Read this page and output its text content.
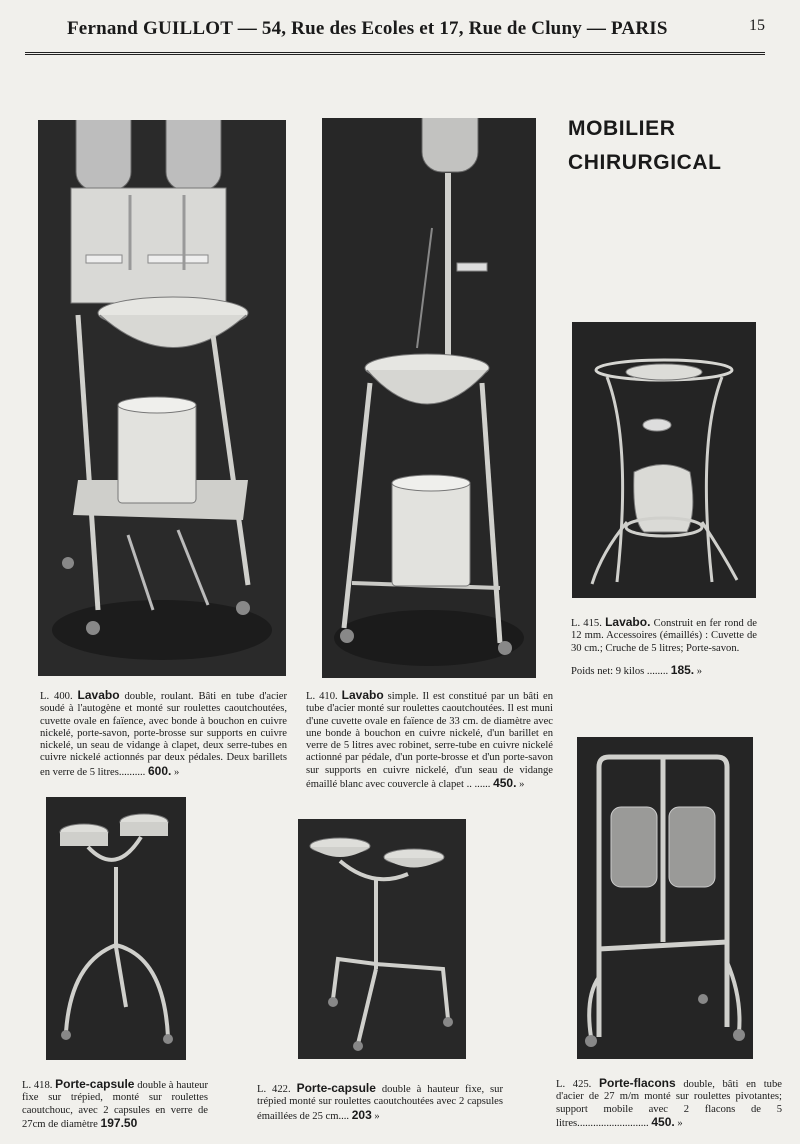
Fernand GUILLOT — 54, Rue des Ecoles et 17, Rue de Cluny — PARIS	15
MOBILIER
CHIRURGICAL
L. 400. Lavabo double, roulant. Bâti en tube d'acier soudé à l'autogène et monté sur roulettes caoutchoutées, cuvette ovale en faïence, avec bonde à bouchon en cuivre nickelé, porte-savon, porte-brosse sur supports en cuivre nickelé, un seau de vidange à clapet, deux serre-tubes en cuivre nickelé actionnés par deux pédales. Deux barillets en verre de 5 litres.......... 600. »
L. 410. Lavabo simple. Il est constitué par un bâti en tube d'acier monté sur roulettes caoutchoutées. Il est muni d'une cuvette ovale en faïence de 33 cm. de diamètre avec une bonde à bouchon en cuivre nickelé, d'un barillet en verre de 5 litres avec robinet, serre-tube en cuivre nickelé actionné par pédale, d'un porte-brosse et d'un porte-savon sur supports en cuivre nickelé, d'un seau de vidange émaillé blanc avec couvercle à clapet .. ...... 450. »
L. 415. Lavabo. Construit en fer rond de 12 mm. Accessoires (émaillés) : Cuvette de 30 cm.; Cruche de 5 litres; Porte-savon.
Poids net: 9 kilos ........ 185. »
L. 418. Porte-capsule double à hauteur fixe sur trépied, monté sur roulettes caoutchouc, avec 2 capsules en verre de 27cm de diamètre 197.50
L. 422. Porte-capsule double à hauteur fixe, sur trépied monté sur roulettes caoutchoutées avec 2 capsules émaillées de 25 cm.... 203 »
L. 425. Porte-flacons double, bâti en tube d'acier de 27 m/m monté sur roulettes pivotantes; support mobile avec 2 flacons de 5 litres........................... 450. »
